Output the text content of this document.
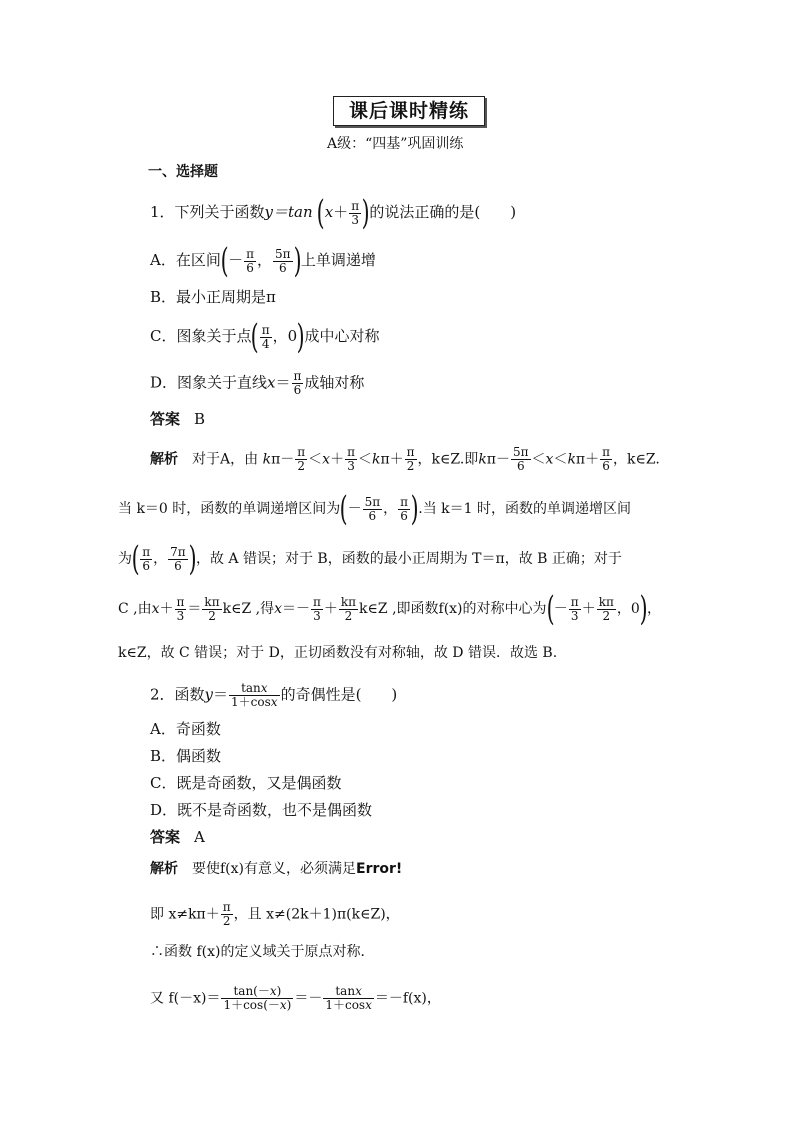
课后课时精练
A级：“四基”巩固训练
一、选择题
1．下列关于函数y＝tan ($x+ \frac{\pi}{3}$ )的说法正确的是(　　)
A．在区间(－ $\frac{\pi}{6}$ ， $\frac{5\pi}{6}$ )上单调递增
B．最小正周期是π
C．图象关于点( $\frac{\pi}{4}$ ，0)成中心对称
D．图象关于直线$x= \frac{\pi}{6}$ 成轴对称
答案 B
解析 对于A，由 $k\pi- \frac{\pi}{2} <x+ \frac{\pi}{3} <k\pi+ \frac{\pi}{2}$ ，k∈Z.即$k\pi- \frac{5\pi}{6} <x<k\pi+ \frac{\pi}{6}$ ，k∈Z.
当 k＝0 时，函数的单调递增区间为(－ $\frac{5\pi}{6}$ ， $\frac{\pi}{6}$ ).当 k＝1 时，函数的单调递增区间
为( $\frac{\pi}{6}$ ， $\frac{7\pi}{6}$ )，故 A 错误；对于 B，函数的最小正周期为 T＝π，故 B 正确；对于
C ,由$x+ \frac{\pi}{3} = \frac{k\pi}{2}$ k∈Z ,得$x=- \frac{\pi}{3} + \frac{k\pi}{2}$ k∈Z ,即函数f(x)的对称中心为(－ $\frac{\pi}{3} + \frac{k\pi}{2}$ ，0)，
k∈Z，故 C 错误；对于 D，正切函数没有对称轴，故 D 错误．故选 B.
2．函数$y= \frac{\tan x}{1+\cos x}$ 的奇偶性是(　　)
A．奇函数
B．偶函数
C．既是奇函数，又是偶函数
D．既不是奇函数，也不是偶函数
答案 A
解析 要使f(x)有意义，必须满足Error!
即 $x\ne k\pi+ \frac{\pi}{2}$ ，且 x≠(2k＋1)π(k∈Z)，
∴函数 f(x)的定义域关于原点对称．
又 $f(-x)= \frac{\tan(-x)}{1+\cos(-x)} =- \frac{\tan x}{1+\cos x} =-f(x)$，
